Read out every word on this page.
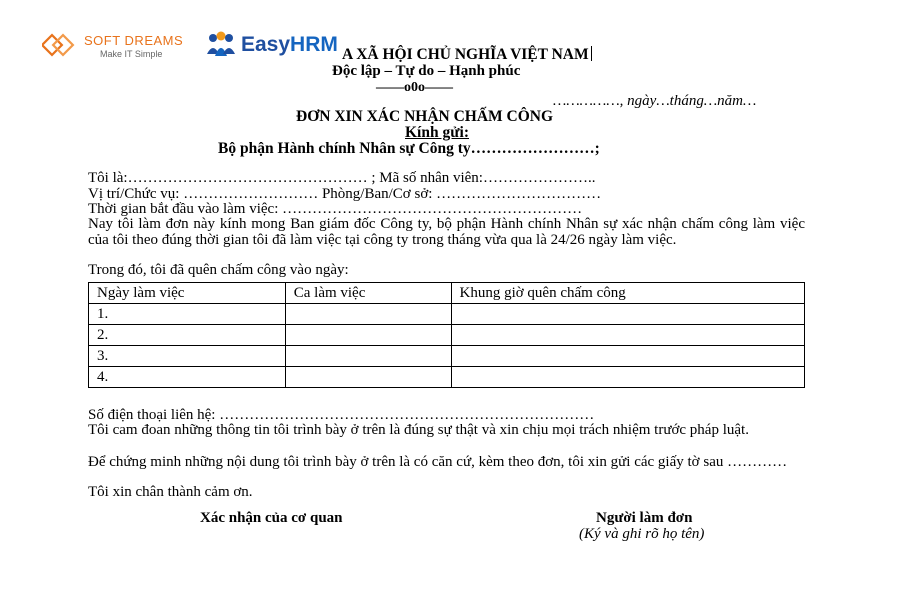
SOFT DREAMS
Make IT Simple	EasyHRM A XÃ HỘI CHỦ NGHĨA VIỆT NAM
Độc lập – Tự do – Hạnh phúc
——o0o——
……………, ngày…tháng…năm…
ĐƠN XIN XÁC NHẬN CHẤM CÔNG
Kính gửi:
Bộ phận Hành chính Nhân sự Công ty……………………;
Tôi là:………………………………………… ; Mã số nhân viên:…………………..
Vị trí/Chức vụ: ……………………… Phòng/Ban/Cơ sở: ……………………………
Thời gian bắt đầu vào làm việc: ……………………………………………………
Nay tôi làm đơn này kính mong Ban giám đốc Công ty, bộ phận Hành chính Nhân sự xác nhận chấm công làm việc của tôi theo đúng thời gian tôi đã làm việc tại công ty trong tháng vừa qua là 24/26 ngày làm việc.
Trong đó, tôi đã quên chấm công vào ngày:
Ngày làm việc	Ca làm việc	Khung giờ quên chấm công
1.		
2.		
3.		
4.		
Số điện thoại liên hệ: …………………………………………………………………
Tôi cam đoan những thông tin tôi trình bày ở trên là đúng sự thật và xin chịu mọi trách nhiệm trước pháp luật.
Để chứng minh những nội dung tôi trình bày ở trên là có căn cứ, kèm theo đơn, tôi xin gửi các giấy tờ sau …………
Tôi xin chân thành cảm ơn.
Xác nhận của cơ quan	Người làm đơn
(Ký và ghi rõ họ tên)
